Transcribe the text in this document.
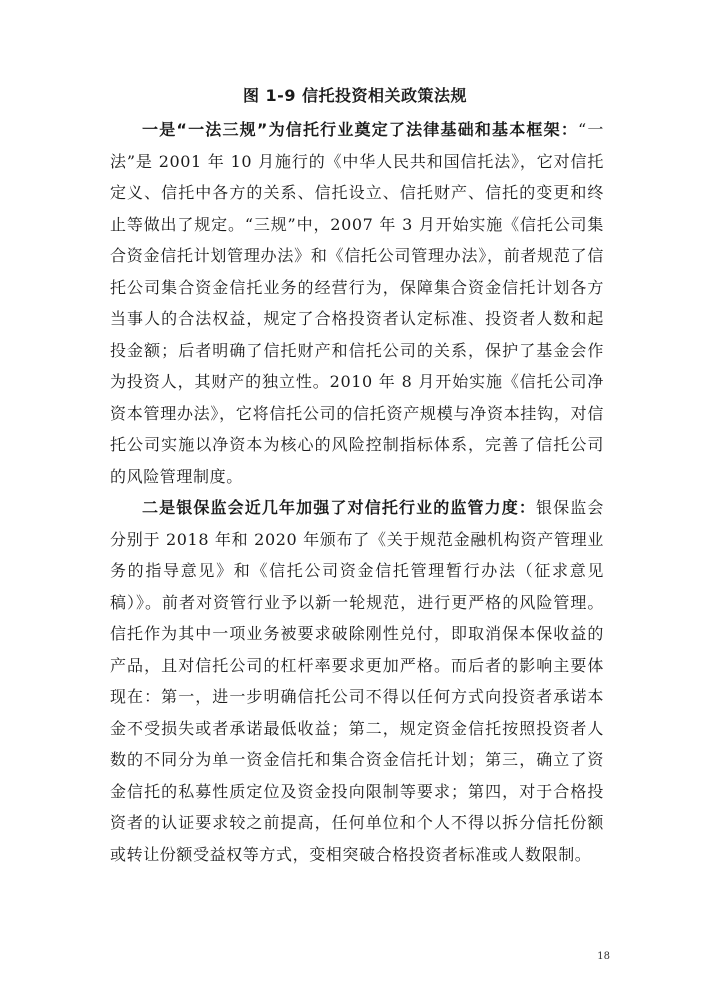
图 1-9 信托投资相关政策法规

一是“一法三规”为信托行业奠定了法律基础和基本框架：“一法”是 2001 年 10 月施行的《中华人民共和国信托法》，它对信托定义、信托中各方的关系、信托设立、信托财产、信托的变更和终止等做出了规定。“三规”中，2007 年 3 月开始实施《信托公司集合资金信托计划管理办法》和《信托公司管理办法》，前者规范了信托公司集合资金信托业务的经营行为，保障集合资金信托计划各方当事人的合法权益，规定了合格投资者认定标准、投资者人数和起投金额；后者明确了信托财产和信托公司的关系，保护了基金会作为投资人，其财产的独立性。2010 年 8 月开始实施《信托公司净资本管理办法》，它将信托公司的信托资产规模与净资本挂钩，对信托公司实施以净资本为核心的风险控制指标体系，完善了信托公司的风险管理制度。

二是银保监会近几年加强了对信托行业的监管力度：银保监会分别于 2018 年和 2020 年颁布了《关于规范金融机构资产管理业务的指导意见》和《信托公司资金信托管理暂行办法（征求意见稿）》。前者对资管行业予以新一轮规范，进行更严格的风险管理。信托作为其中一项业务被要求破除刚性兑付，即取消保本保收益的产品，且对信托公司的杠杆率要求更加严格。而后者的影响主要体现在：第一，进一步明确信托公司不得以任何方式向投资者承诺本金不受损失或者承诺最低收益；第二，规定资金信托按照投资者人数的不同分为单一资金信托和集合资金信托计划；第三，确立了资金信托的私募性质定位及资金投向限制等要求；第四，对于合格投资者的认证要求较之前提高，任何单位和个人不得以拆分信托份额或转让份额受益权等方式，变相突破合格投资者标准或人数限制。

18
